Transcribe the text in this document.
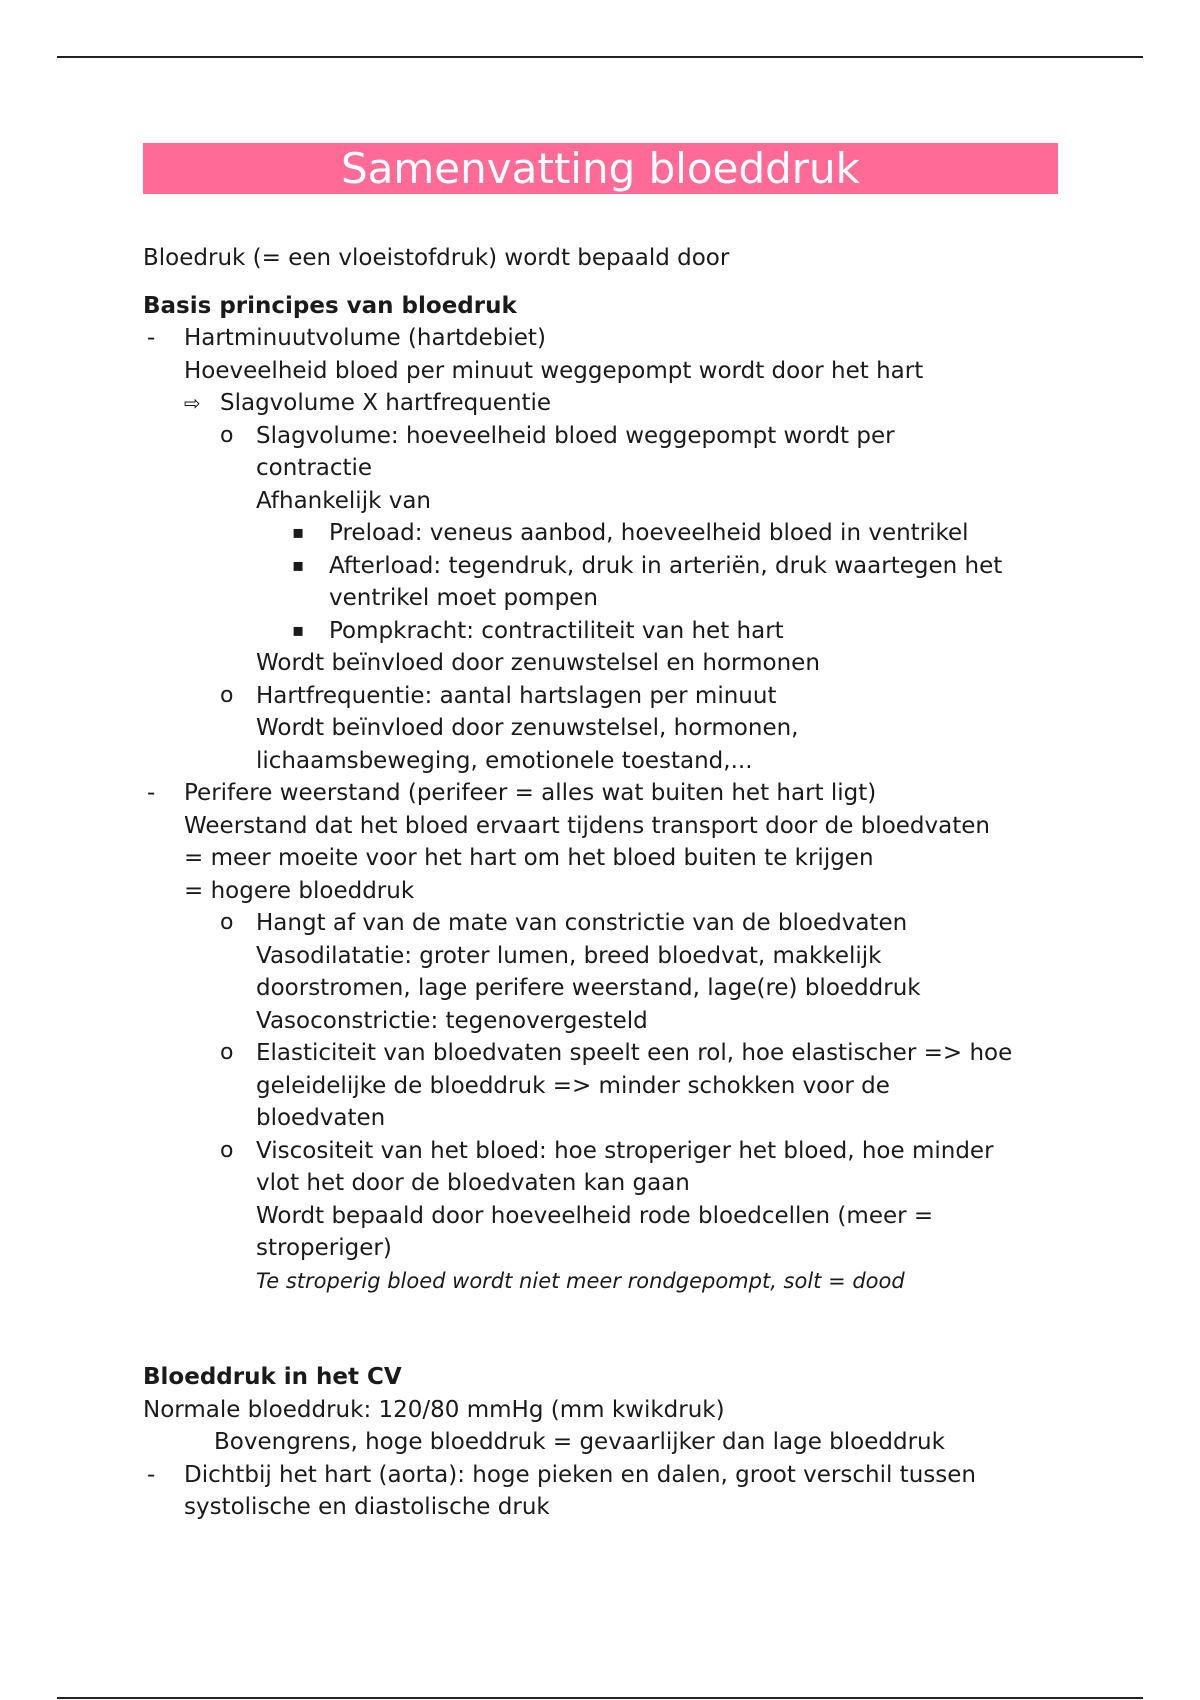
Samenvatting bloeddruk

Bloedruk (= een vloeistofdruk) wordt bepaald door

Basis principes van bloedruk

- Hartminuutvolume (hartdebiet)

Hoeveelheid bloed per minuut weggepompt wordt door het hart

⇨ Slagvolume X hartfrequentie

o Slagvolume: hoeveelheid bloed weggepompt wordt per

contractie

Afhankelijk van

▪ Preload: veneus aanbod, hoeveelheid bloed in ventrikel

▪ Afterload: tegendruk, druk in arteriën, druk waartegen het

ventrikel moet pompen

▪ Pompkracht: contractiliteit van het hart

Wordt beïnvloed door zenuwstelsel en hormonen

o Hartfrequentie: aantal hartslagen per minuut

Wordt beïnvloed door zenuwstelsel, hormonen,

lichaamsbeweging, emotionele toestand,...

- Perifere weerstand (perifeer = alles wat buiten het hart ligt)

Weerstand dat het bloed ervaart tijdens transport door de bloedvaten

= meer moeite voor het hart om het bloed buiten te krijgen

= hogere bloeddruk

o Hangt af van de mate van constrictie van de bloedvaten

Vasodilatatie: groter lumen, breed bloedvat, makkelijk

doorstromen, lage perifere weerstand, lage(re) bloeddruk

Vasoconstrictie: tegenovergesteld

o Elasticiteit van bloedvaten speelt een rol, hoe elastischer => hoe

geleidelijke de bloeddruk => minder schokken voor de

bloedvaten

o Viscositeit van het bloed: hoe stroperiger het bloed, hoe minder

vlot het door de bloedvaten kan gaan

Wordt bepaald door hoeveelheid rode bloedcellen (meer =

stroperiger)

Te stroperig bloed wordt niet meer rondgepompt, solt = dood

Bloeddruk in het CV

Normale bloeddruk: 120/80 mmHg (mm kwikdruk)

Bovengrens, hoge bloeddruk = gevaarlijker dan lage bloeddruk

- Dichtbij het hart (aorta): hoge pieken en dalen, groot verschil tussen

systolische en diastolische druk
